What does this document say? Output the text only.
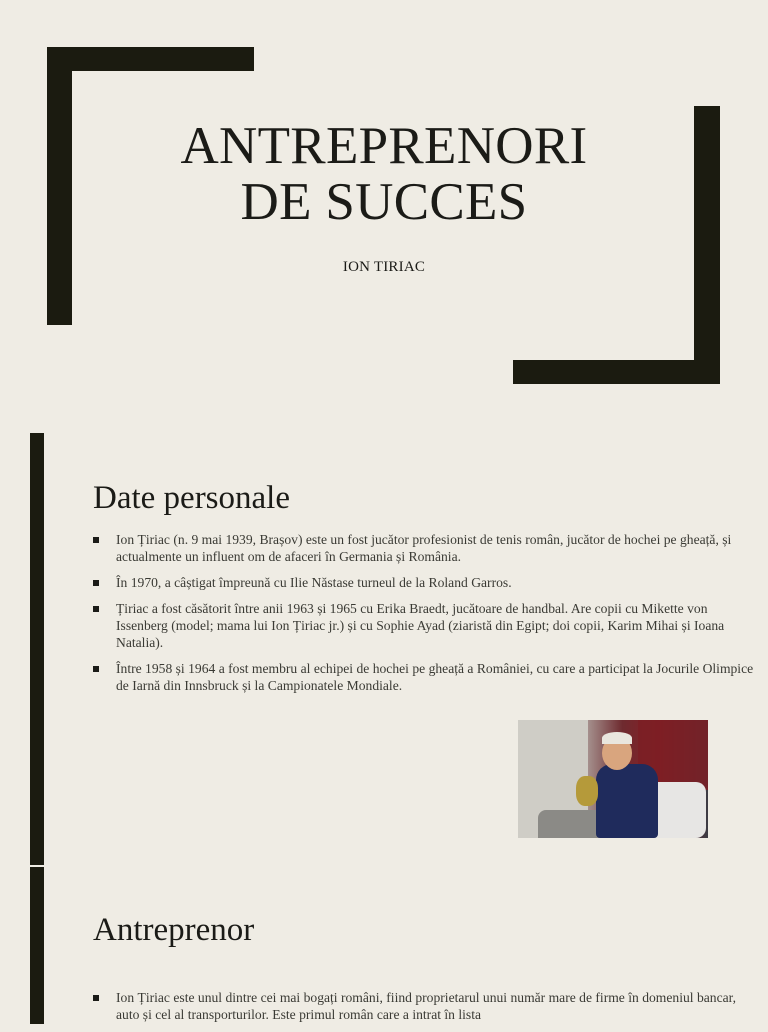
ANTREPRENORI
DE SUCCES
ION TIRIAC
Date personale
Ion Țiriac (n. 9 mai 1939, Brașov) este un fost jucător profesionist de tenis român, jucător de hochei pe gheață, și actualmente un influent om de afaceri în Germania și România.
În 1970, a câștigat împreună cu Ilie Năstase turneul de la Roland Garros.
Țiriac a fost căsătorit între anii 1963 și 1965 cu Erika Braedt, jucătoare de handbal. Are copii cu Mikette von Issenberg (model; mama lui Ion Țiriac jr.) și cu Sophie Ayad (ziaristă din Egipt; doi copii, Karim Mihai și Ioana Natalia).
Între 1958 și 1964 a fost membru al echipei de hochei pe gheață a României, cu care a participat la Jocurile Olimpice de Iarnă din Innsbruck și la Campionatele Mondiale.
Antreprenor
Ion Țiriac este unul dintre cei mai bogați români, fiind proprietarul unui număr mare de firme în domeniul bancar, auto și cel al transporturilor. Este primul român care a intrat în lista
